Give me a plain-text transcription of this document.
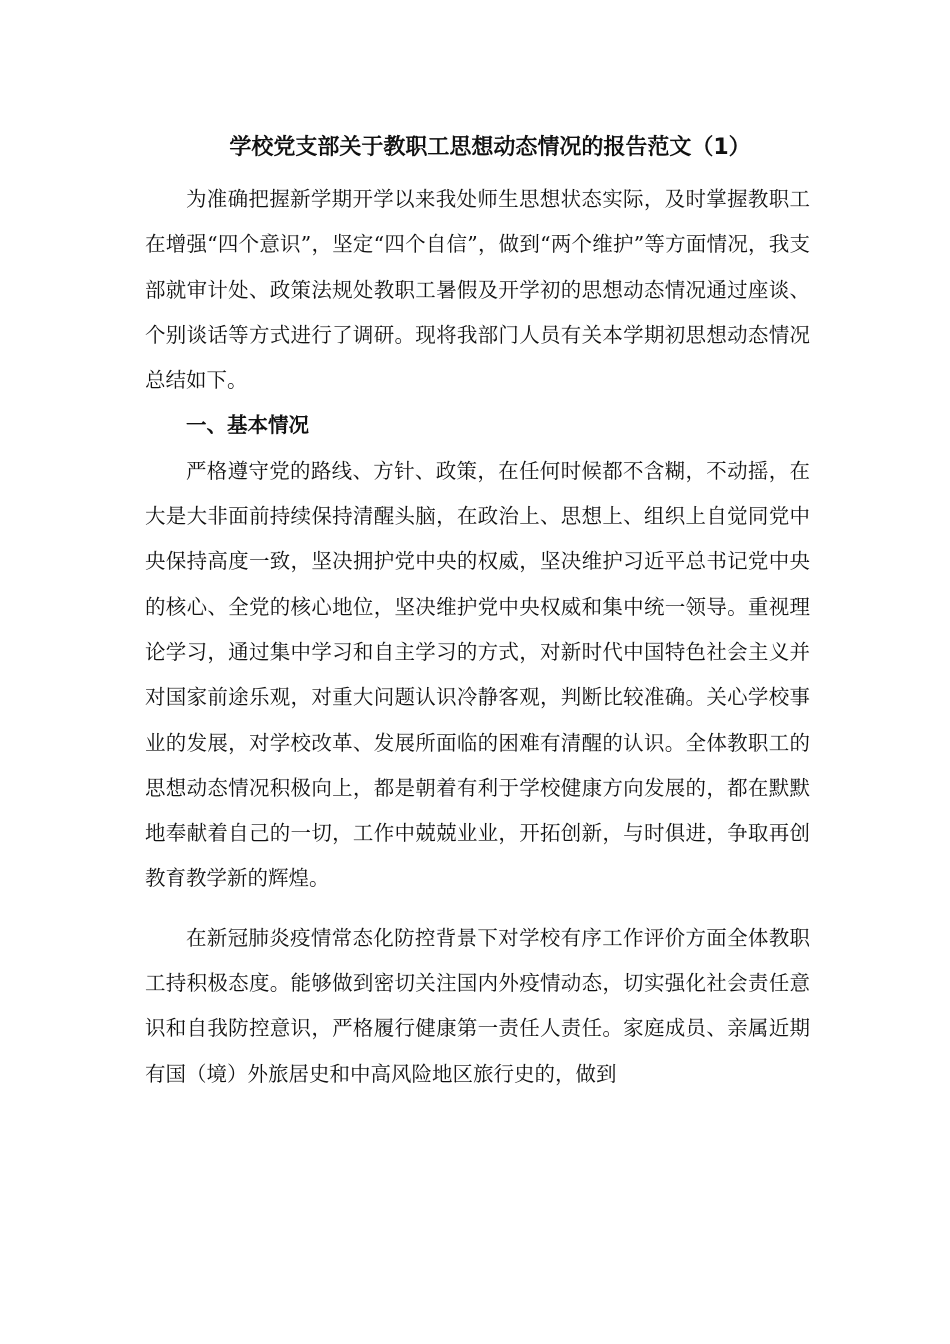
学校党支部关于教职工思想动态情况的报告范文（1）

为准确把握新学期开学以来我处师生思想状态实际，及时掌握教职工在增强“四个意识”，坚定“四个自信”，做到“两个维护”等方面情况，我支部就审计处、政策法规处教职工暑假及开学初的思想动态情况通过座谈、个别谈话等方式进行了调研。现将我部门人员有关本学期初思想动态情况总结如下。

一、基本情况

严格遵守党的路线、方针、政策，在任何时候都不含糊，不动摇，在大是大非面前持续保持清醒头脑，在政治上、思想上、组织上自觉同党中央保持高度一致，坚决拥护党中央的权威，坚决维护习近平总书记党中央的核心、全党的核心地位，坚决维护党中央权威和集中统一领导。重视理论学习，通过集中学习和自主学习的方式，对新时代中国特色社会主义并对国家前途乐观，对重大问题认识冷静客观，判断比较准确。关心学校事业的发展，对学校改革、发展所面临的困难有清醒的认识。全体教职工的思想动态情况积极向上，都是朝着有利于学校健康方向发展的，都在默默地奉献着自己的一切，工作中兢兢业业，开拓创新，与时俱进，争取再创教育教学新的辉煌。

在新冠肺炎疫情常态化防控背景下对学校有序工作评价方面全体教职工持积极态度。能够做到密切关注国内外疫情动态，切实强化社会责任意识和自我防控意识，严格履行健康第一责任人责任。家庭成员、亲属近期有国（境）外旅居史和中高风险地区旅行史的，做到
